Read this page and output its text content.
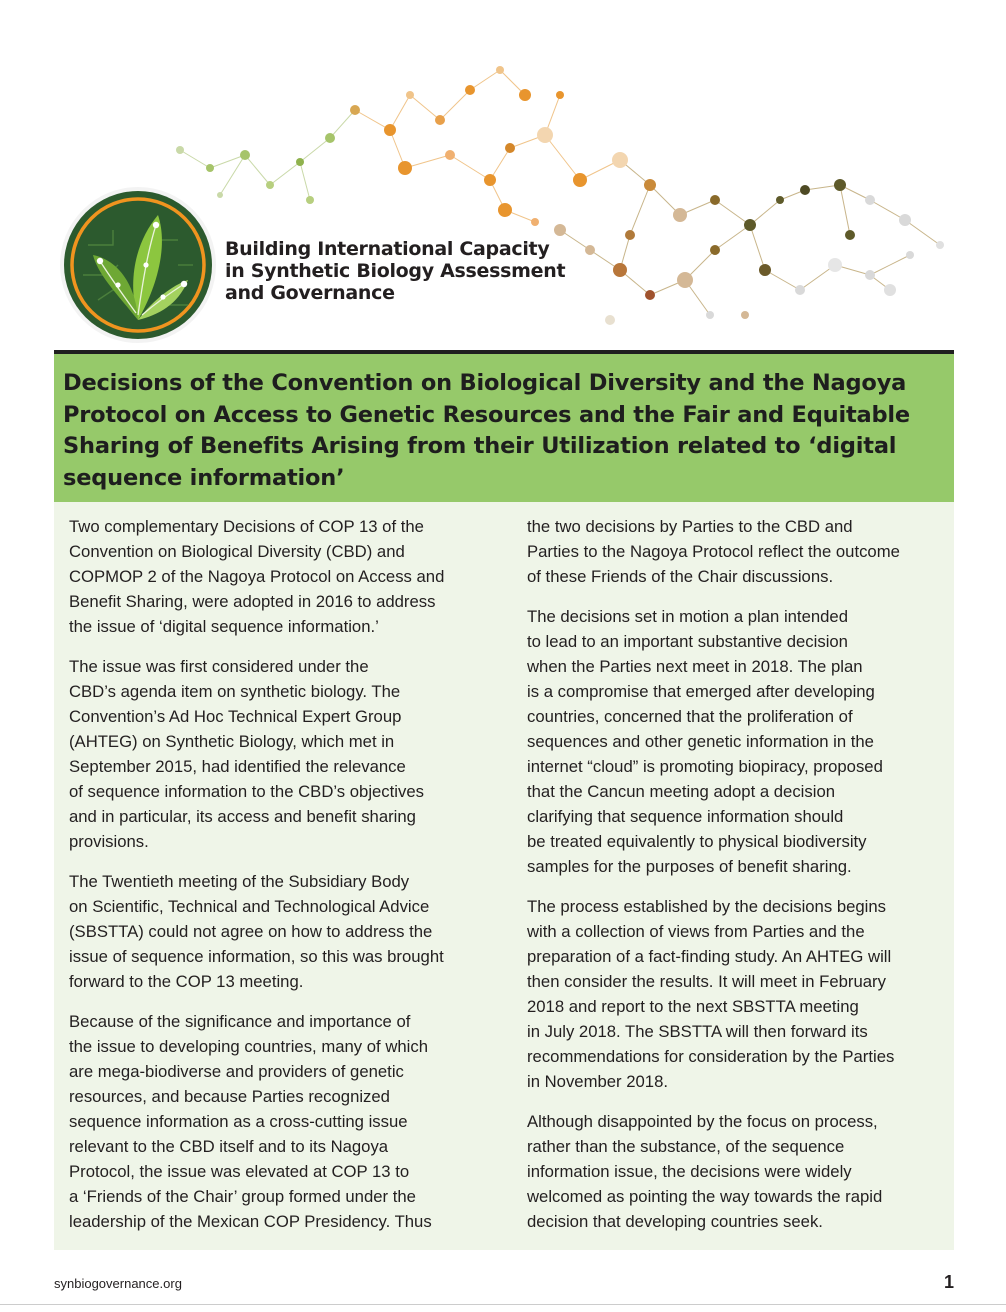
Building International Capacity
in Synthetic Biology Assessment
and Governance
Decisions of the Convention on Biological Diversity and the Nagoya
Protocol on Access to Genetic Resources and the Fair and Equitable
Sharing of Benefits Arising from their Utilization related to ‘digital
sequence information’

Two complementary Decisions of COP 13 of the
Convention on Biological Diversity (CBD) and
COPMOP 2 of the Nagoya Protocol on Access and
Benefit Sharing, were adopted in 2016 to address
the issue of ‘digital sequence information.’

The issue was first considered under the
CBD’s agenda item on synthetic biology. The
Convention’s Ad Hoc Technical Expert Group
(AHTEG) on Synthetic Biology, which met in
September 2015, had identified the relevance
of sequence information to the CBD’s objectives
and in particular, its access and benefit sharing
provisions.

The Twentieth meeting of the Subsidiary Body
on Scientific, Technical and Technological Advice
(SBSTTA) could not agree on how to address the
issue of sequence information, so this was brought
forward to the COP 13 meeting.

Because of the significance and importance of
the issue to developing countries, many of which
are mega-biodiverse and providers of genetic
resources, and because Parties recognized
sequence information as a cross-cutting issue
relevant to the CBD itself and to its Nagoya
Protocol, the issue was elevated at COP 13 to
a ‘Friends of the Chair’ group formed under the
leadership of the Mexican COP Presidency. Thus

the two decisions by Parties to the CBD and
Parties to the Nagoya Protocol reflect the outcome
of these Friends of the Chair discussions.

The decisions set in motion a plan intended
to lead to an important substantive decision
when the Parties next meet in 2018. The plan
is a compromise that emerged after developing
countries, concerned that the proliferation of
sequences and other genetic information in the
internet “cloud” is promoting biopiracy, proposed
that the Cancun meeting adopt a decision
clarifying that sequence information should
be treated equivalently to physical biodiversity
samples for the purposes of benefit sharing.

The process established by the decisions begins
with a collection of views from Parties and the
preparation of a fact-finding study. An AHTEG will
then consider the results. It will meet in February
2018 and report to the next SBSTTA meeting
in July 2018. The SBSTTA will then forward its
recommendations for consideration by the Parties
in November 2018.

Although disappointed by the focus on process,
rather than the substance, of the sequence
information issue, the decisions were widely
welcomed as pointing the way towards the rapid
decision that developing countries seek.

synbiogovernance.org	1
